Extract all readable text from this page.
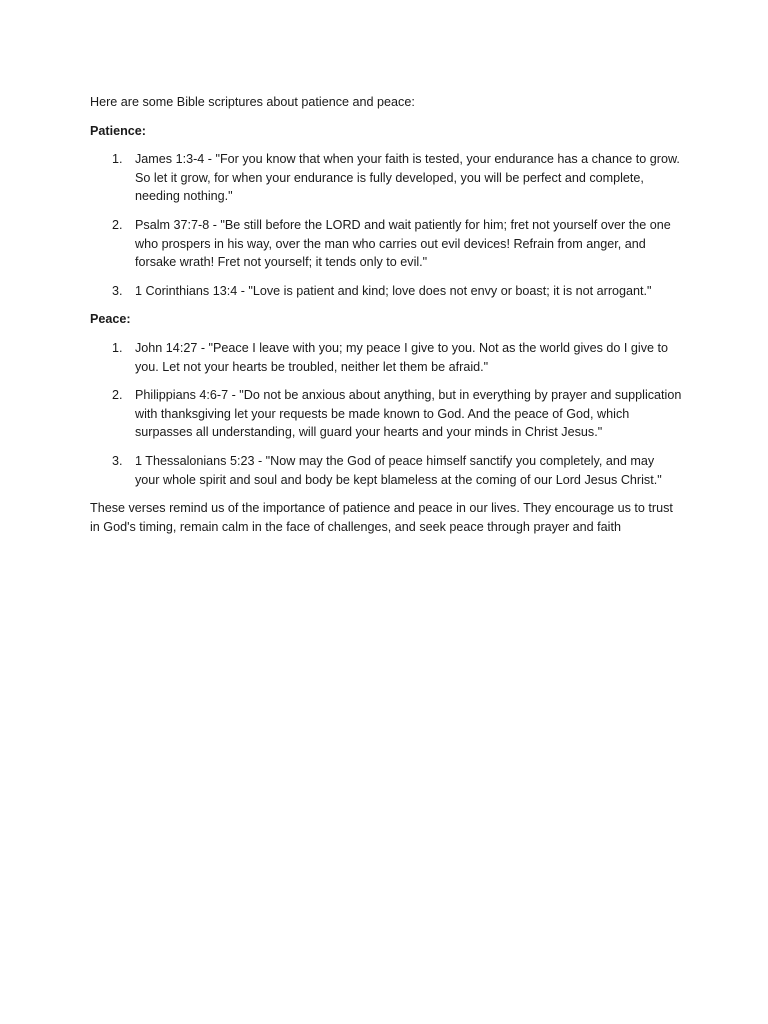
Here are some Bible scriptures about patience and peace:

Patience:

1. James 1:3-4 - "For you know that when your faith is tested, your endurance has a chance to grow. So let it grow, for when your endurance is fully developed, you will be perfect and complete, needing nothing."
2. Psalm 37:7-8 - "Be still before the LORD and wait patiently for him; fret not yourself over the one who prospers in his way, over the man who carries out evil devices! Refrain from anger, and forsake wrath! Fret not yourself; it tends only to evil."
3. 1 Corinthians 13:4 - "Love is patient and kind; love does not envy or boast; it is not arrogant."

Peace:

1. John 14:27 - "Peace I leave with you; my peace I give to you. Not as the world gives do I give to you. Let not your hearts be troubled, neither let them be afraid."
2. Philippians 4:6-7 - "Do not be anxious about anything, but in everything by prayer and supplication with thanksgiving let your requests be made known to God. And the peace of God, which surpasses all understanding, will guard your hearts and your minds in Christ Jesus."
3. 1 Thessalonians 5:23 - "Now may the God of peace himself sanctify you completely, and may your whole spirit and soul and body be kept blameless at the coming of our Lord Jesus Christ."

These verses remind us of the importance of patience and peace in our lives. They encourage us to trust in God's timing, remain calm in the face of challenges, and seek peace through prayer and faith
